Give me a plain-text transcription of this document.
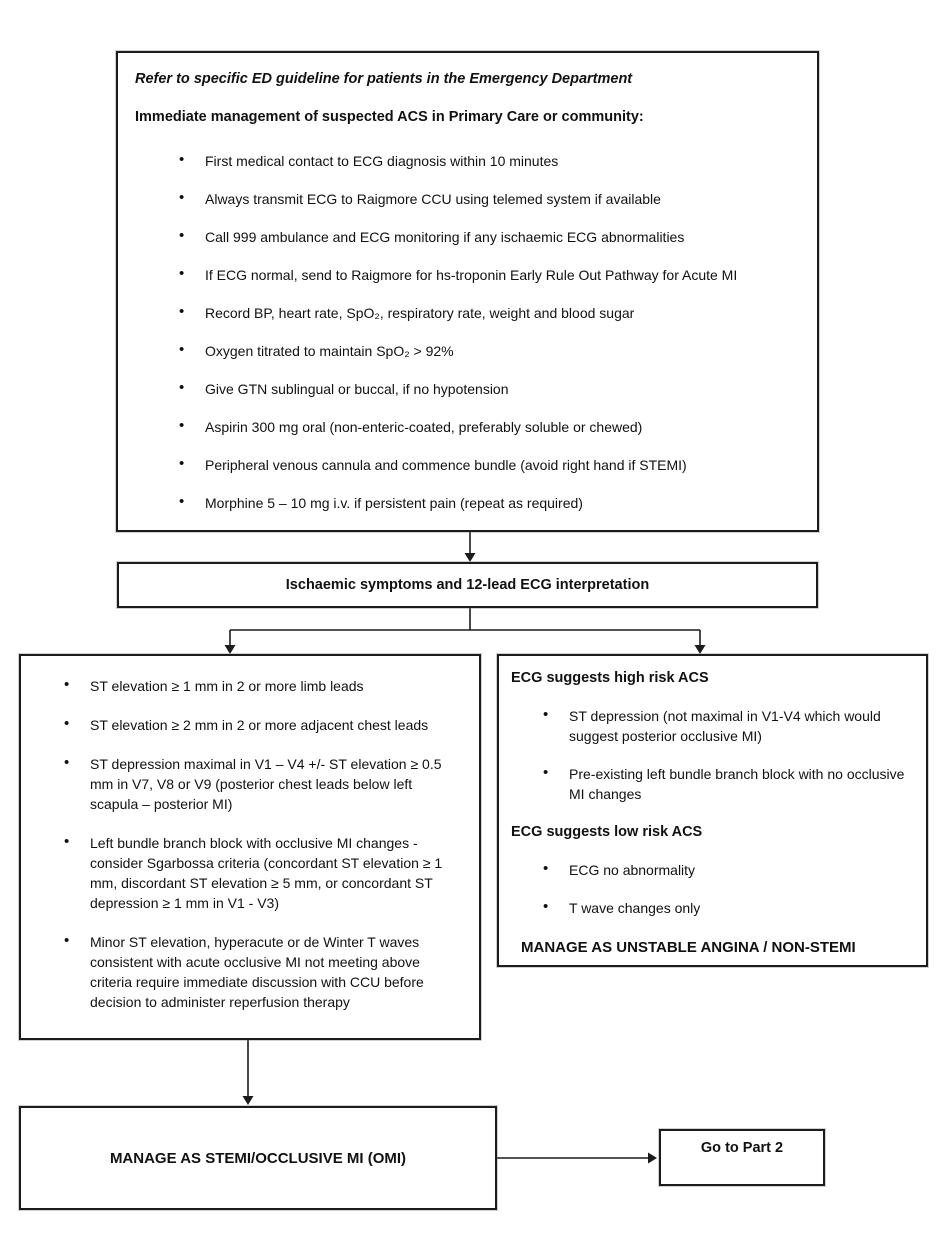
Refer to specific ED guideline for patients in the Emergency Department

Immediate management of suspected ACS in Primary Care or community:

• First medical contact to ECG diagnosis within 10 minutes
• Always transmit ECG to Raigmore CCU using telemed system if available
• Call 999 ambulance and ECG monitoring if any ischaemic ECG abnormalities
• If ECG normal, send to Raigmore for hs-troponin Early Rule Out Pathway for Acute MI
• Record BP, heart rate, SpO₂, respiratory rate, weight and blood sugar
• Oxygen titrated to maintain SpO₂ > 92%
• Give GTN sublingual or buccal, if no hypotension
• Aspirin 300 mg oral (non-enteric-coated, preferably soluble or chewed)
• Peripheral venous cannula and commence bundle (avoid right hand if STEMI)
• Morphine 5 – 10 mg i.v. if persistent pain (repeat as required)
Ischaemic symptoms and 12-lead ECG interpretation
• ST elevation ≥ 1 mm in 2 or more limb leads
• ST elevation ≥ 2 mm in 2 or more adjacent chest leads
• ST depression maximal in V1 – V4 +/- ST elevation ≥ 0.5 mm in V7, V8 or V9 (posterior chest leads below left scapula – posterior MI)
• Left bundle branch block with occlusive MI changes - consider Sgarbossa criteria (concordant ST elevation ≥ 1 mm, discordant ST elevation ≥ 5 mm, or concordant ST depression ≥ 1 mm in V1 - V3)
• Minor ST elevation, hyperacute or de Winter T waves consistent with acute occlusive MI not meeting above criteria require immediate discussion with CCU before decision to administer reperfusion therapy

ECG suggests high risk ACS

• ST depression (not maximal in V1-V4 which would suggest posterior occlusive MI)
• Pre-existing left bundle branch block with no occlusive MI changes

ECG suggests low risk ACS

• ECG no abnormality
• T wave changes only

MANAGE AS UNSTABLE ANGINA / NON-STEMI

MANAGE AS STEMI/OCCLUSIVE MI (OMI)
Go to Part 2
